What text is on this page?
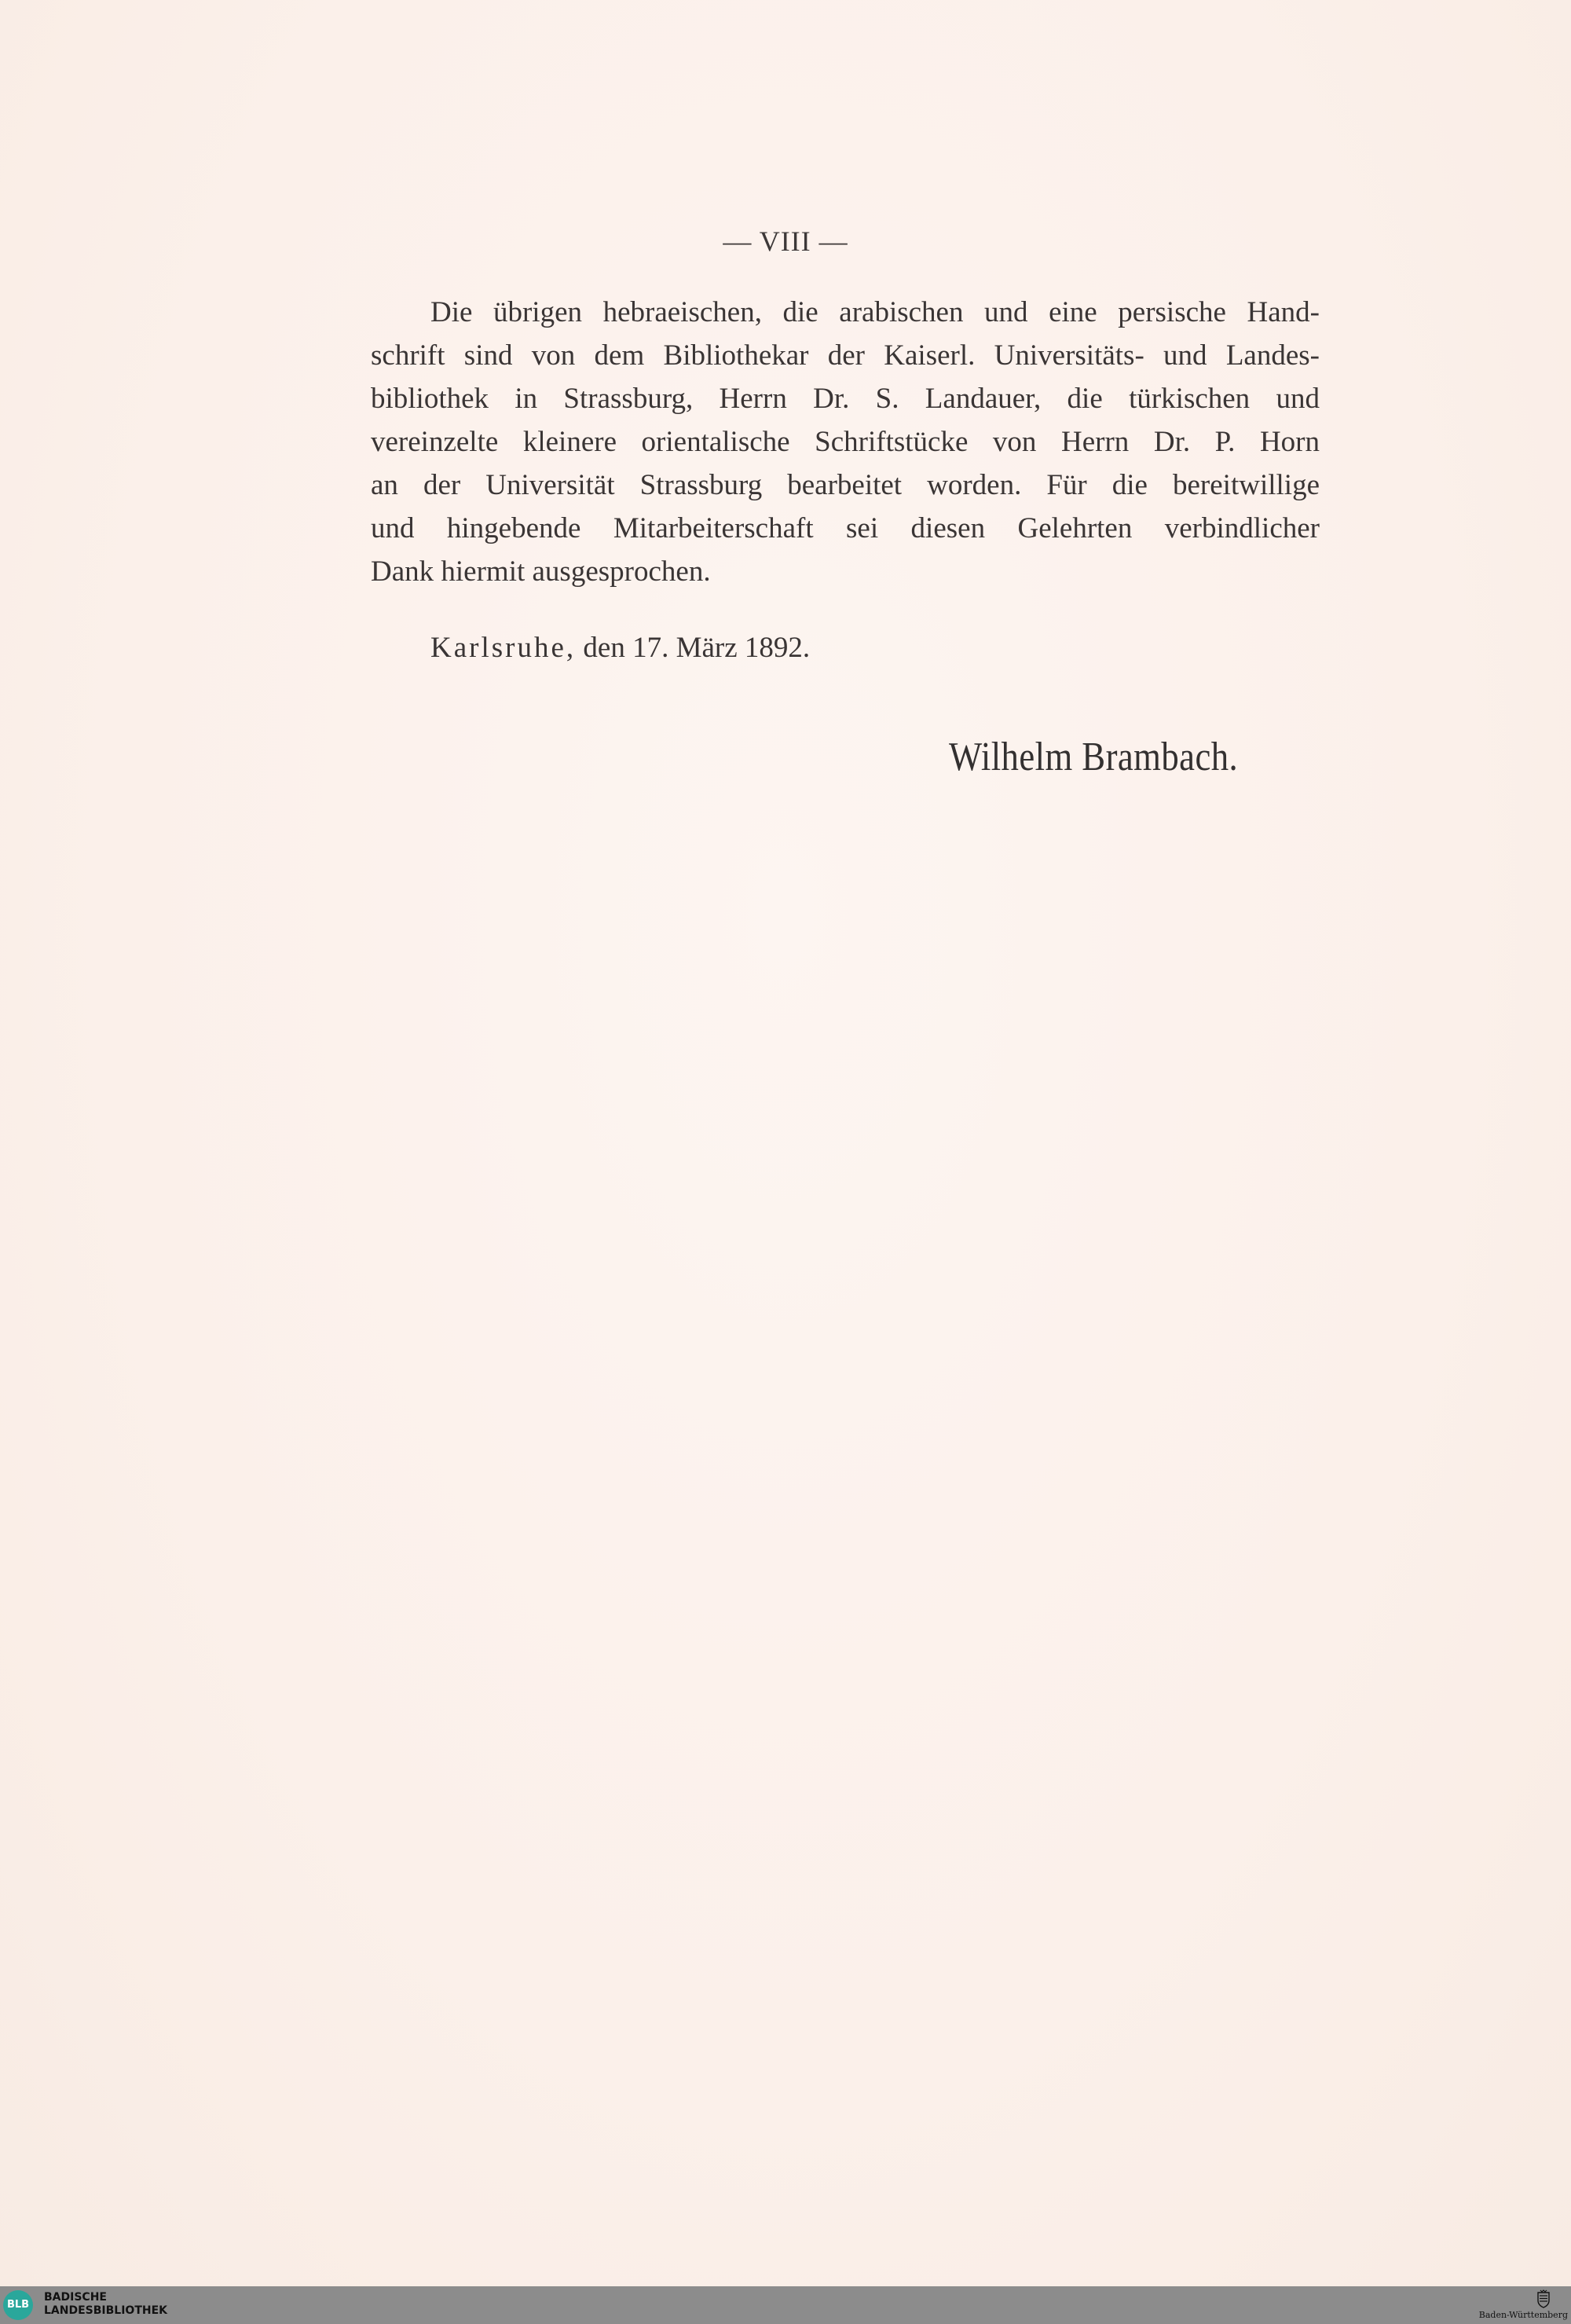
— VIII —
Die übrigen hebraeischen, die arabischen und eine persische Hand-
schrift sind von dem Bibliothekar der Kaiserl. Universitäts- und Landes-
bibliothek in Strassburg, Herrn Dr. S. Landauer, die türkischen und
vereinzelte kleinere orientalische Schriftstücke von Herrn Dr. P. Horn
an der Universität Strassburg bearbeitet worden. Für die bereitwillige
und hingebende Mitarbeiterschaft sei diesen Gelehrten verbindlicher
Dank hiermit ausgesprochen.
Karlsruhe, den 17. März 1892.
Wilhelm Brambach.
BLB
BADISCHE
LANDESBIBLIOTHEK	Baden-Württemberg
